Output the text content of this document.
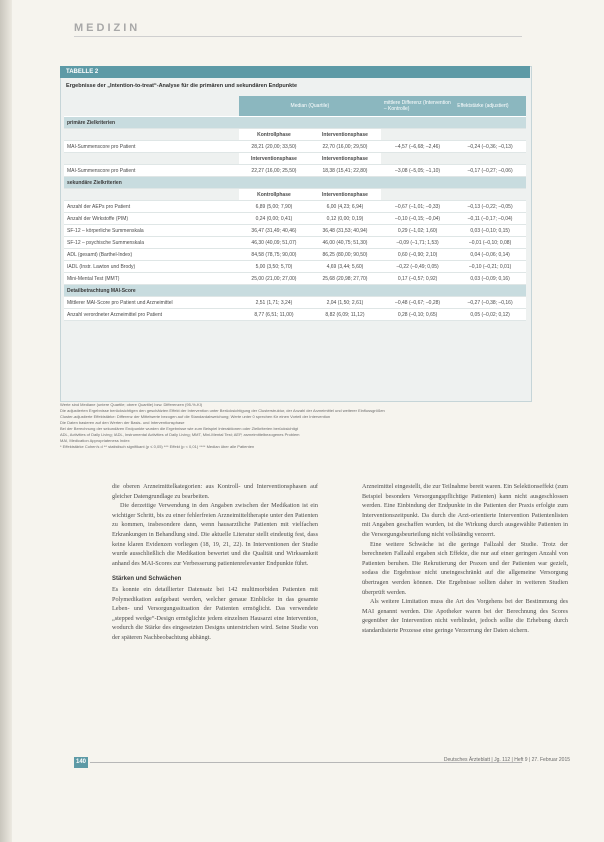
MEDIZIN
TABELLE 2
Ergebnisse der „Intention-to-treat“-Analyse für die primären und sekundären Endpunkte
	Median (Quartile)		mittlere Differenz (Intervention – Kontrolle)	Effektstärke (adjustiert)
primäre Zielkriterien				
	Kontrollphase	Interventionsphase		
MAI-Summenscore pro Patient	28,21 (20,00; 33,50)	22,70 (16,00; 29,50)	–4,57 (–6,68; –2,46)	–0,24 (–0,36; –0,13)
	Interventionsphase	Interventionsphase		
MAI-Summenscore pro Patient	22,27 (16,00; 25,50)	18,38 (15,41; 22,80)	–3,08 (–5,05; –1,10)	–0,17 (–0,27; –0,06)
sekundäre Zielkriterien				
	Kontrollphase	Interventionsphase		
Anzahl der AEPs pro Patient	6,89 (5,00; 7,90)	6,00 (4,23; 6,94)	–0,67 (–1,01; –0,33)	–0,13 (–0,22; –0,05)
Anzahl der Wirkstoffe (PIM)	0,24 (0,00; 0,41)	0,12 (0,00; 0,19)	–0,10 (–0,15; –0,04)	–0,11 (–0,17; –0,04)
SF-12 – körperliche Summenskala	36,47 (31,49; 40,46)	36,48 (31,53; 40,94)	0,29 (–1,02; 1,60)	0,03 (–0,10; 0,15)
SF-12 – psychische Summenskala	46,30 (40,09; 51,07)	46,00 (40,75; 51,30)	–0,09 (–1,71; 1,53)	–0,01 (–0,10; 0,08)
ADL (gesamt) (Barthel-Index)	84,58 (78,75; 90,00)	86,25 (80,00; 90,50)	0,60 (–0,90; 2,10)	0,04 (–0,06; 0,14)
IADL (Instr. Lawton und Brody)	5,00 (3,50; 5,70)	4,69 (3,44; 5,60)	–0,22 (–0,49; 0,05)	–0,10 (–0,21; 0,01)
Mini-Mental Test (MMT)	25,00 (21,00; 27,00)	25,68 (20,98; 27,70)	0,17 (–0,57; 0,92)	0,03 (–0,09; 0,16)
Detailbetrachtung MAI-Score				
Mittlerer MAI-Score pro Patient und Arzneimittel	2,51 (1,71; 3,24)	2,04 (1,50; 2,61)	–0,48 (–0,67; –0,28)	–0,27 (–0,38; –0,16)
Anzahl verordneter Arzneimittel pro Patient	8,77 (6,51; 11,00)	8,82 (6,09; 11,12)	0,28 (–0,10; 0,65)	0,05 (–0,02; 0,12)
Werte sind Mediane (untere Quartile; obere Quartile) bzw. Differenzen (95-%-KI)
Die adjustierten Ergebnisse berücksichtigen den geschätzten Effekt der Intervention unter Berücksichtigung der Clusterstruktur, der Anzahl der Arzneimittel und weiterer Einflussgrößen
Cluster-adjustierte Effektstärke: Differenz der Mittelwerte bezogen auf die Standardabweichung; Werte unter 0 sprechen für einen Vorteil der Intervention
Die Daten basieren auf den Werten der Basis- und Interventionsphase
Bei der Berechnung der sekundären Endpunkte wurden die Ergebnisse wie zum Beispiel Interaktionen oder Zielkriterien berücksichtigt
ADL, Activities of Daily Living; IADL, Instrumental Activities of Daily Living; MMT, Mini-Mental Test; AEP, arzneimittelbezogenes Problem
MAI, Medication Appropriateness Index
* Effektstärke Cohen’s d ** statistisch signifikant (p ≤ 0,05) *** Effekt (p < 0,01) **** Median über alle Patienten

die oberen Arzneimittelkategorien: aus Kontroll- und Interventionsphasen auf gleicher Datengrundlage zu bearbeiten.

Die derzeitige Verwendung in den Angaben zwischen der Medikation ist ein wichtiger Schritt, bis zu einer fehlerfreien Arzneimitteltherapie unter den Patienten zu kommen, insbesondere dann, wenn hausarztliche Patienten mit vielfachen Erkrankungen in Behandlung sind. Die aktuelle Literatur stellt eindeutig fest, dass keine klaren Evidenzen vorliegen (18, 19, 21, 22). In Interventionen der Studie wurde ausschließlich die Medikation bewertet und die Qualität und Wirksamkeit anhand des MAI-Scores zur Verbesserung patientenrelevanter Endpunkte führt.

Stärken und Schwächen

Es konnte ein detaillierter Datensatz bei 142 multimorbiden Patienten mit Polymedikation aufgebaut werden, welcher genaue Einblicke in das gesamte Leben- und Versorgungssituation der Patienten ermöglicht. Das verwendete „stepped wedge“-Design ermöglichte jedem einzelnen Hausarzt eine Intervention, wodurch die Stärke des eingesetzten Designs unterstrichen wird. Seine Studie von der späteren Nachbeobachtung abhängt.

Arzneimittel eingestellt, die zur Teilnahme bereit waren. Ein Selektionseffekt (zum Beispiel besonders Versorgungspflichtige Patienten) kann nicht ausgeschlossen werden. Eine Einbindung der Endpunkte in die Patienten der Praxis erfolgte zum Interventionszeitpunkt. Da durch die Arzt-orientierte Intervention Patientenlisten mit Angaben geschaffen wurden, ist die Wirkung durch ausgewählte Patienten in die Versorgungsbeurteilung nicht vollständig verzerrt.

Eine weitere Schwäche ist die geringe Fallzahl der Studie. Trotz der berechneten Fallzahl ergaben sich Effekte, die nur auf einer geringen Anzahl von Patienten beruhen. Die Rekrutierung der Praxen und der Patienten war gezielt, sodass die Ergebnisse nicht uneingeschränkt auf die allgemeine Versorgung übertragen werden können. Die Ergebnisse sollten daher in weiteren Studien überprüft werden.

Als weitere Limitation muss die Art des Vorgehens bei der Bestimmung des MAI genannt werden. Die Apotheker waren bei der Berechnung des Scores gegenüber der Intervention nicht verblindet, jedoch sollte die Erhebung durch standardisierte Prozesse eine geringe Verzerrung der Daten sichern.

140	Deutsches Ärzteblatt | Jg. 112 | Heft 9 | 27. Februar 2015
